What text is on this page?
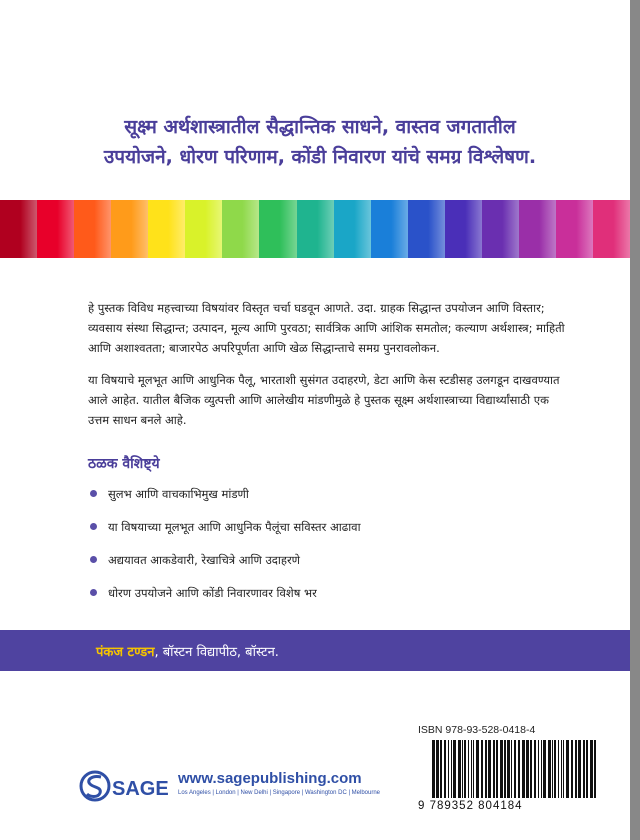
सूक्ष्म अर्थशास्त्रातील सैद्धान्तिक साधने, वास्तव जगतातील
उपयोजने, धोरण परिणाम, कोंडी निवारण यांचे समग्र विश्लेषण.
हे पुस्तक विविध महत्त्वाच्या विषयांवर विस्तृत चर्चा घडवून आणते. उदा. ग्राहक सिद्धान्त उपयोजन आणि विस्तार; व्यवसाय संस्था सिद्धान्त; उत्पादन, मूल्य आणि पुरवठा; सार्वत्रिक आणि आंशिक समतोल; कल्याण अर्थशास्त्र; माहिती आणि अशाश्वतता; बाजारपेठ अपरिपूर्णता आणि खेळ सिद्धान्ताचे समग्र पुनरावलोकन.
या विषयाचे मूलभूत आणि आधुनिक पैलू, भारताशी सुसंगत उदाहरणे, डेटा आणि केस स्टडीसह उलगडून दाखवण्यात आले आहेत. यातील बैजिक व्युत्पत्ती आणि आलेखीय मांडणीमुळे हे पुस्तक सूक्ष्म अर्थशास्त्राच्या विद्यार्थ्यांसाठी एक उत्तम साधन बनले आहे.
ठळक वैशिष्ट्ये
सुलभ आणि वाचकाभिमुख मांडणी
या विषयाच्या मूलभूत आणि आधुनिक पैलूंचा सविस्तर आढावा
अद्ययावत आकडेवारी, रेखाचित्रे आणि उदाहरणे
धोरण उपयोजने आणि कोंडी निवारणावर विशेष भर
पंकज टण्डन, बॉस्टन विद्यापीठ, बॉस्टन.
SAGE www.sagepublishing.com
Los Angeles | London | New Delhi | Singapore | Washington DC | Melbourne
ISBN 978-93-528-0418-4
9 789352 804184
